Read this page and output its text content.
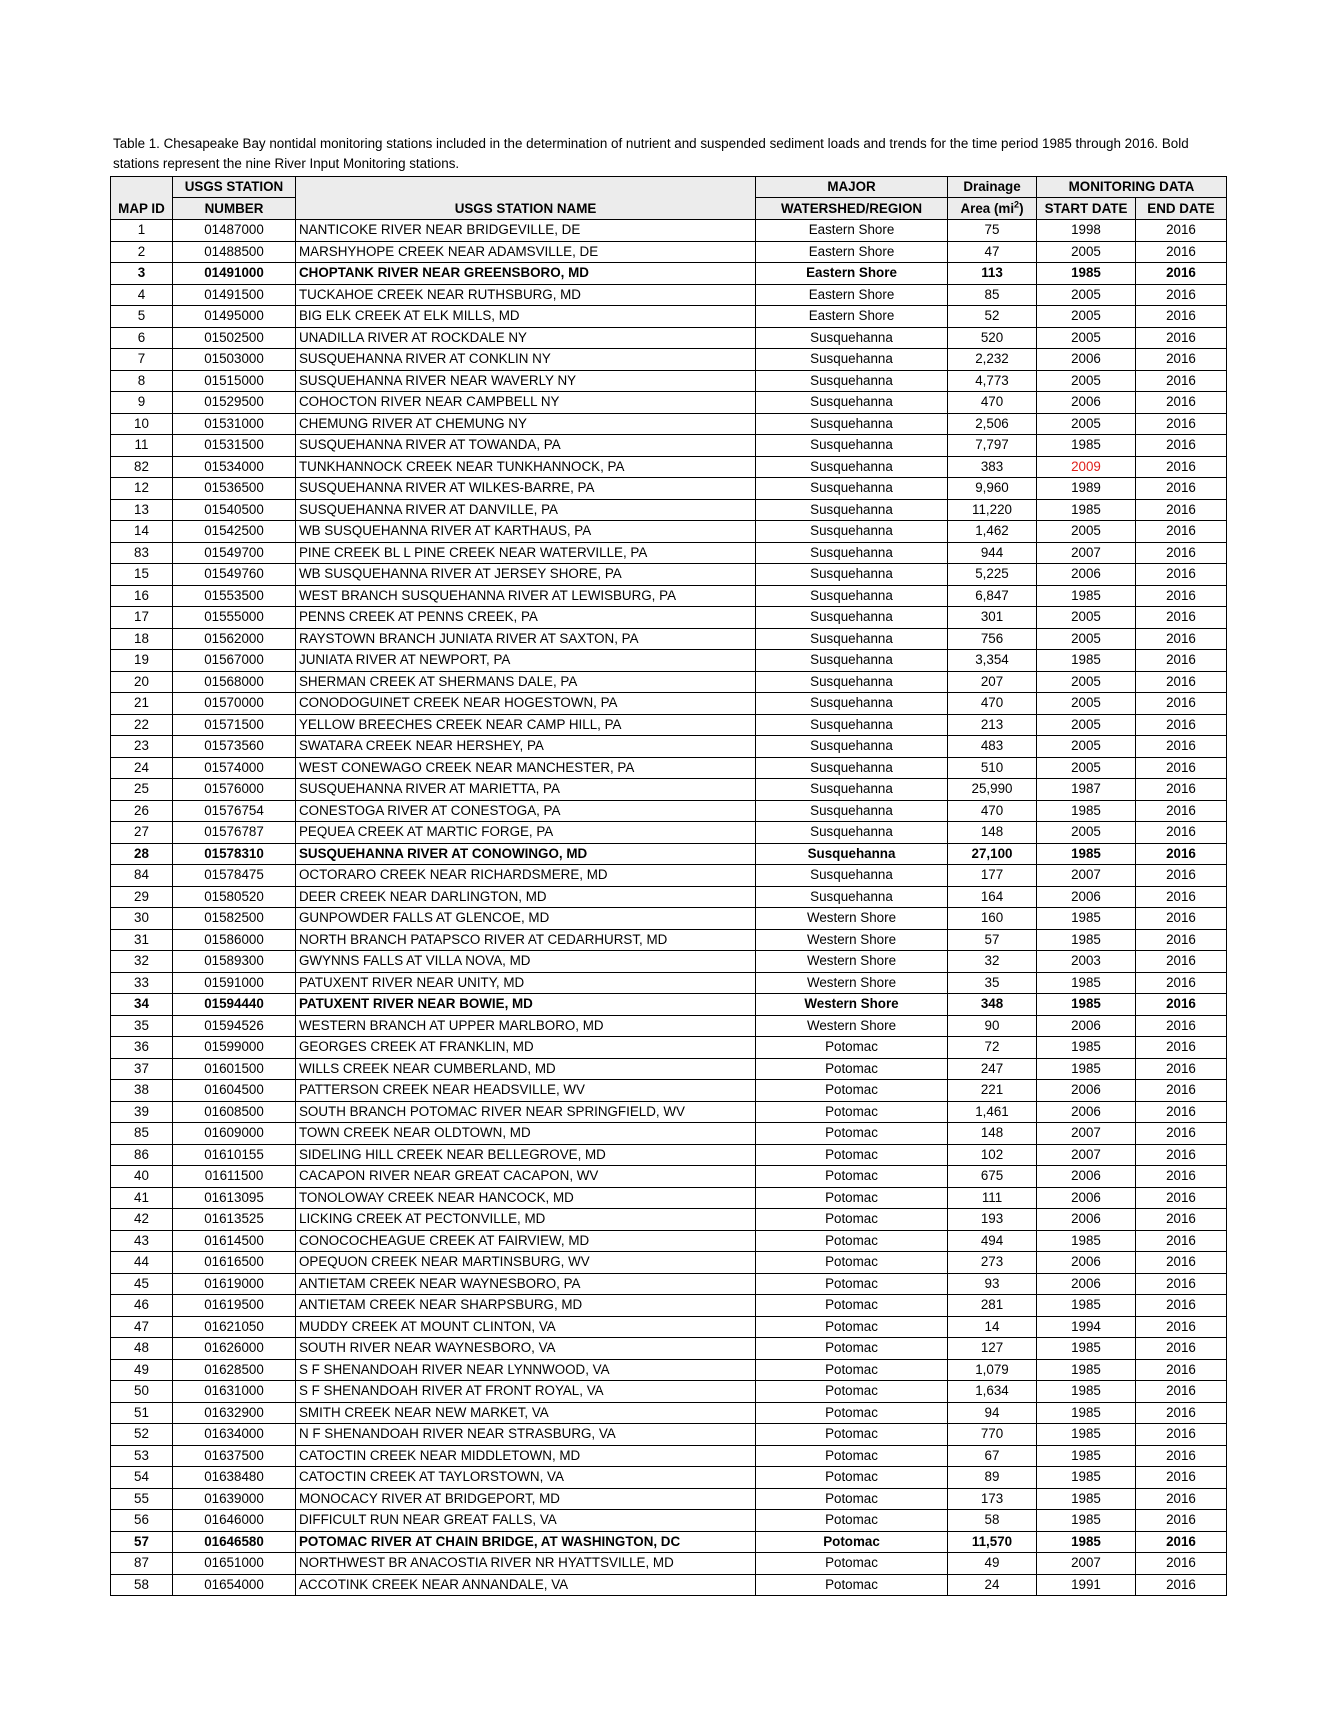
Table 1. Chesapeake Bay nontidal monitoring stations included in the determination of nutrient and suspended sediment loads and trends for the time period 1985 through 2016. Bold stations represent the nine River Input Monitoring stations.
MAP ID	USGS STATION	USGS STATION NAME	MAJOR	Drainage	MONITORING DATA	
	NUMBER		WATERSHED/REGION	Area $(mi^2)$	START DATE	END DATE
1	01487000	NANTICOKE RIVER NEAR BRIDGEVILLE, DE	Eastern Shore	75	1998	2016
2	01488500	MARSHYHOPE CREEK NEAR ADAMSVILLE, DE	Eastern Shore	47	2005	2016
3	01491000	CHOPTANK RIVER NEAR GREENSBORO, MD	Eastern Shore	113	1985	2016
4	01491500	TUCKAHOE CREEK NEAR RUTHSBURG, MD	Eastern Shore	85	2005	2016
5	01495000	BIG ELK CREEK AT ELK MILLS, MD	Eastern Shore	52	2005	2016
6	01502500	UNADILLA RIVER AT ROCKDALE NY	Susquehanna	520	2005	2016
7	01503000	SUSQUEHANNA RIVER AT CONKLIN NY	Susquehanna	2,232	2006	2016
8	01515000	SUSQUEHANNA RIVER NEAR WAVERLY NY	Susquehanna	4,773	2005	2016
9	01529500	COHOCTON RIVER NEAR CAMPBELL NY	Susquehanna	470	2006	2016
10	01531000	CHEMUNG RIVER AT CHEMUNG NY	Susquehanna	2,506	2005	2016
11	01531500	SUSQUEHANNA RIVER AT TOWANDA, PA	Susquehanna	7,797	1985	2016
82	01534000	TUNKHANNOCK CREEK NEAR TUNKHANNOCK, PA	Susquehanna	383	2009	2016
12	01536500	SUSQUEHANNA RIVER AT WILKES-BARRE, PA	Susquehanna	9,960	1989	2016
13	01540500	SUSQUEHANNA RIVER AT DANVILLE, PA	Susquehanna	11,220	1985	2016
14	01542500	WB SUSQUEHANNA RIVER AT KARTHAUS, PA	Susquehanna	1,462	2005	2016
83	01549700	PINE CREEK BL L PINE CREEK NEAR WATERVILLE, PA	Susquehanna	944	2007	2016
15	01549760	WB SUSQUEHANNA RIVER AT JERSEY SHORE, PA	Susquehanna	5,225	2006	2016
16	01553500	WEST BRANCH SUSQUEHANNA RIVER AT LEWISBURG, PA	Susquehanna	6,847	1985	2016
17	01555000	PENNS CREEK AT PENNS CREEK, PA	Susquehanna	301	2005	2016
18	01562000	RAYSTOWN BRANCH JUNIATA RIVER AT SAXTON, PA	Susquehanna	756	2005	2016
19	01567000	JUNIATA RIVER AT NEWPORT, PA	Susquehanna	3,354	1985	2016
20	01568000	SHERMAN CREEK AT SHERMANS DALE, PA	Susquehanna	207	2005	2016
21	01570000	CONODOGUINET CREEK NEAR HOGESTOWN, PA	Susquehanna	470	2005	2016
22	01571500	YELLOW BREECHES CREEK NEAR CAMP HILL, PA	Susquehanna	213	2005	2016
23	01573560	SWATARA CREEK NEAR HERSHEY, PA	Susquehanna	483	2005	2016
24	01574000	WEST CONEWAGO CREEK NEAR MANCHESTER, PA	Susquehanna	510	2005	2016
25	01576000	SUSQUEHANNA RIVER AT MARIETTA, PA	Susquehanna	25,990	1987	2016
26	01576754	CONESTOGA RIVER AT CONESTOGA, PA	Susquehanna	470	1985	2016
27	01576787	PEQUEA CREEK AT MARTIC FORGE, PA	Susquehanna	148	2005	2016
28	01578310	SUSQUEHANNA RIVER AT CONOWINGO, MD	Susquehanna	27,100	1985	2016
84	01578475	OCTORARO CREEK NEAR RICHARDSMERE, MD	Susquehanna	177	2007	2016
29	01580520	DEER CREEK NEAR DARLINGTON, MD	Susquehanna	164	2006	2016
30	01582500	GUNPOWDER FALLS AT GLENCOE, MD	Western Shore	160	1985	2016
31	01586000	NORTH BRANCH PATAPSCO RIVER AT CEDARHURST, MD	Western Shore	57	1985	2016
32	01589300	GWYNNS FALLS AT VILLA NOVA, MD	Western Shore	32	2003	2016
33	01591000	PATUXENT RIVER NEAR UNITY, MD	Western Shore	35	1985	2016
34	01594440	PATUXENT RIVER NEAR BOWIE, MD	Western Shore	348	1985	2016
35	01594526	WESTERN BRANCH AT UPPER MARLBORO, MD	Western Shore	90	2006	2016
36	01599000	GEORGES CREEK AT FRANKLIN, MD	Potomac	72	1985	2016
37	01601500	WILLS CREEK NEAR CUMBERLAND, MD	Potomac	247	1985	2016
38	01604500	PATTERSON CREEK NEAR HEADSVILLE, WV	Potomac	221	2006	2016
39	01608500	SOUTH BRANCH POTOMAC RIVER NEAR SPRINGFIELD, WV	Potomac	1,461	2006	2016
85	01609000	TOWN CREEK NEAR OLDTOWN, MD	Potomac	148	2007	2016
86	01610155	SIDELING HILL CREEK NEAR BELLEGROVE, MD	Potomac	102	2007	2016
40	01611500	CACAPON RIVER NEAR GREAT CACAPON, WV	Potomac	675	2006	2016
41	01613095	TONOLOWAY CREEK NEAR HANCOCK, MD	Potomac	111	2006	2016
42	01613525	LICKING CREEK AT PECTONVILLE, MD	Potomac	193	2006	2016
43	01614500	CONOCOCHEAGUE CREEK AT FAIRVIEW, MD	Potomac	494	1985	2016
44	01616500	OPEQUON CREEK NEAR MARTINSBURG, WV	Potomac	273	2006	2016
45	01619000	ANTIETAM CREEK NEAR WAYNESBORO, PA	Potomac	93	2006	2016
46	01619500	ANTIETAM CREEK NEAR SHARPSBURG, MD	Potomac	281	1985	2016
47	01621050	MUDDY CREEK AT MOUNT CLINTON, VA	Potomac	14	1994	2016
48	01626000	SOUTH RIVER NEAR WAYNESBORO, VA	Potomac	127	1985	2016
49	01628500	S F SHENANDOAH RIVER NEAR LYNNWOOD, VA	Potomac	1,079	1985	2016
50	01631000	S F SHENANDOAH RIVER AT FRONT ROYAL, VA	Potomac	1,634	1985	2016
51	01632900	SMITH CREEK NEAR NEW MARKET, VA	Potomac	94	1985	2016
52	01634000	N F SHENANDOAH RIVER NEAR STRASBURG, VA	Potomac	770	1985	2016
53	01637500	CATOCTIN CREEK NEAR MIDDLETOWN, MD	Potomac	67	1985	2016
54	01638480	CATOCTIN CREEK AT TAYLORSTOWN, VA	Potomac	89	1985	2016
55	01639000	MONOCACY RIVER AT BRIDGEPORT, MD	Potomac	173	1985	2016
56	01646000	DIFFICULT RUN NEAR GREAT FALLS, VA	Potomac	58	1985	2016
57	01646580	POTOMAC RIVER AT CHAIN BRIDGE, AT WASHINGTON, DC	Potomac	11,570	1985	2016
87	01651000	NORTHWEST BR ANACOSTIA RIVER NR HYATTSVILLE, MD	Potomac	49	2007	2016
58	01654000	ACCOTINK CREEK NEAR ANNANDALE, VA	Potomac	24	1991	2016
